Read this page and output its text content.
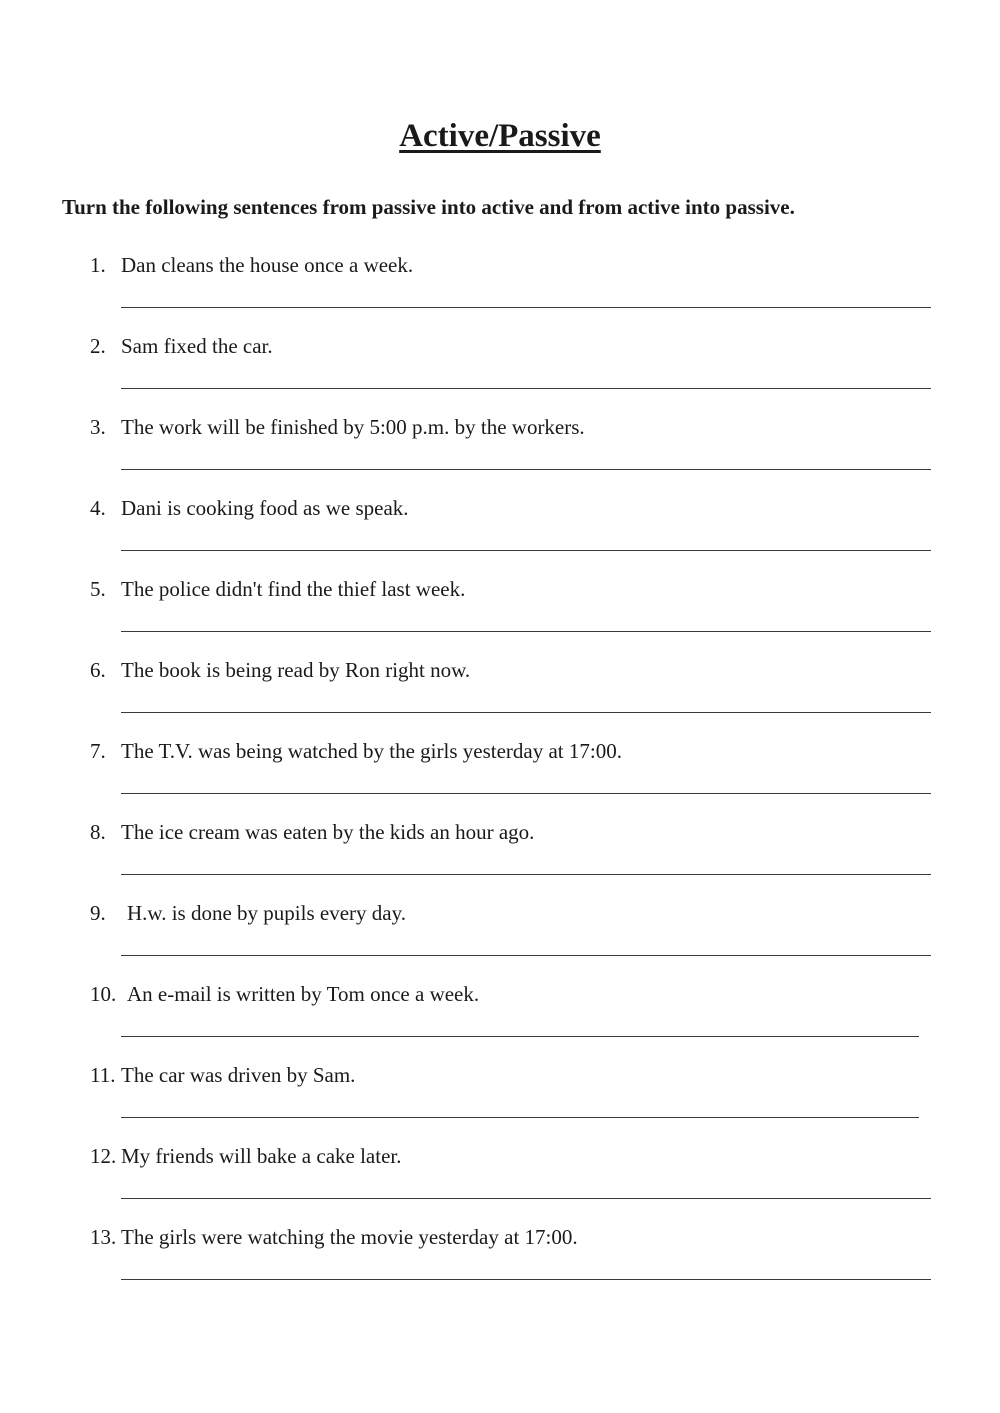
Active/Passive
Turn the following sentences from passive into active and from active into passive.
1. Dan cleans the house once a week.
2. Sam fixed the car.
3. The work will be finished by 5:00 p.m. by the workers.
4. Dani is cooking food as we speak.
5. The police didn't find the thief last week.
6. The book is being read by Ron right now.
7. The T.V. was being watched by the girls yesterday at 17:00.
8. The ice cream was eaten by the kids an hour ago.
9. H.w. is done by pupils every day.
10. An e-mail is written by Tom once a week.
11. The car was driven by Sam.
12. My friends will bake a cake later.
13. The girls were watching the movie yesterday at 17:00.
